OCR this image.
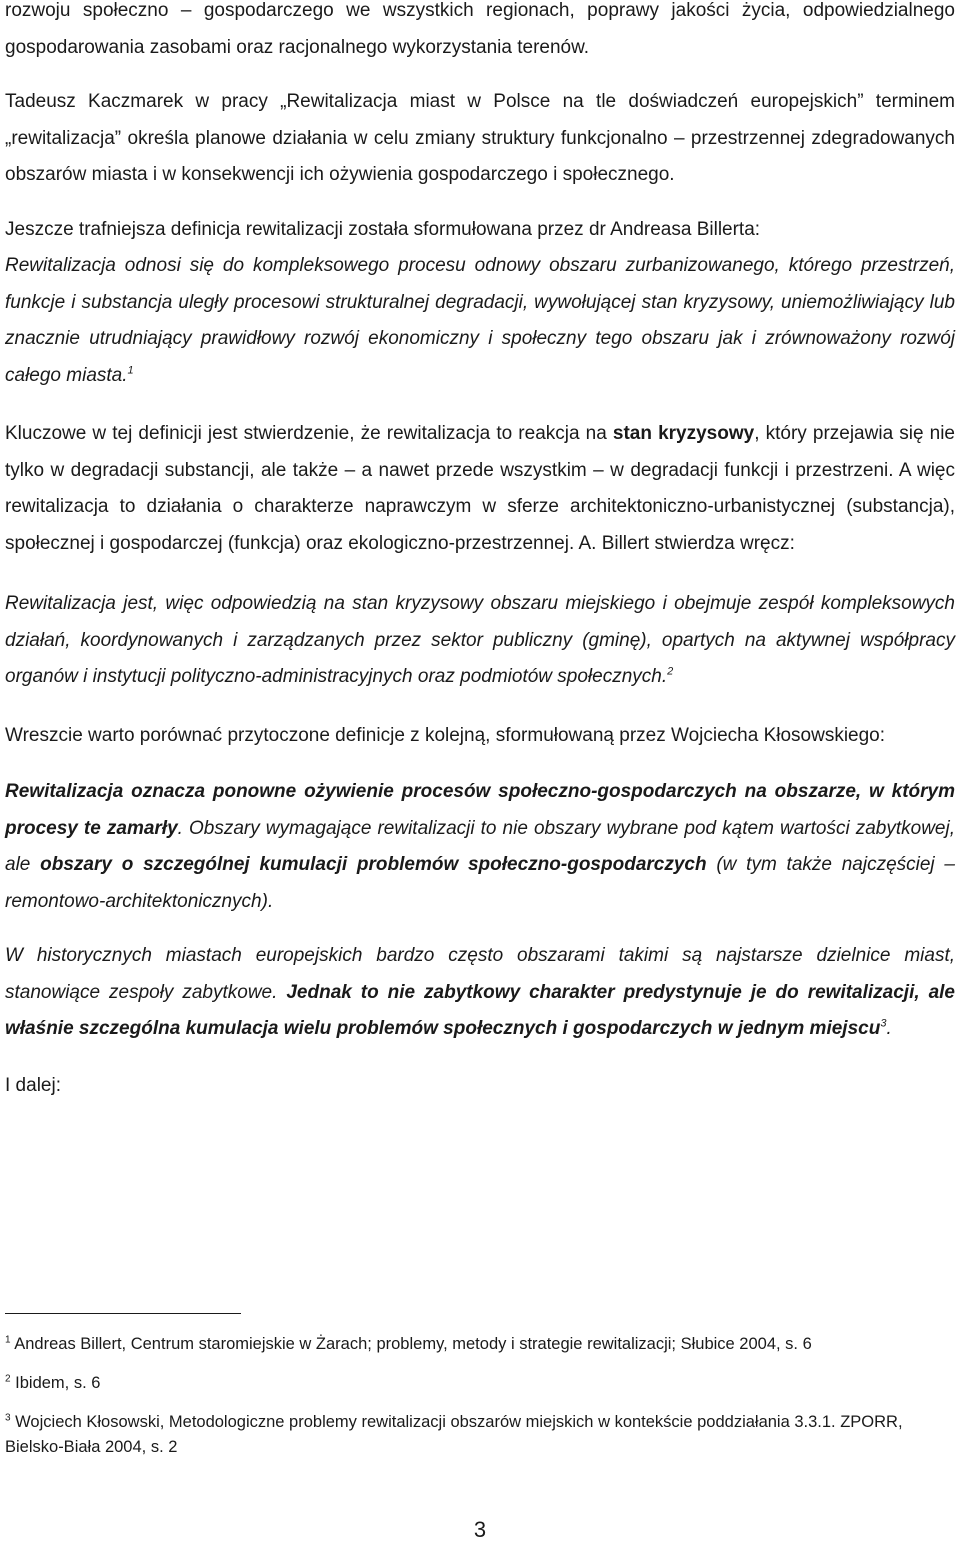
rozwoju społeczno – gospodarczego we wszystkich regionach, poprawy jakości życia, odpowiedzialnego gospodarowania zasobami oraz racjonalnego wykorzystania terenów.

Tadeusz Kaczmarek w pracy „Rewitalizacja miast w Polsce na tle doświadczeń europejskich” terminem „rewitalizacja” określa planowe działania w celu zmiany struktury funkcjonalno – przestrzennej zdegradowanych obszarów miasta i w konsekwencji ich ożywienia gospodarczego i społecznego.

Jeszcze trafniejsza definicja rewitalizacji została sformułowana przez dr Andreasa Billerta:

Rewitalizacja odnosi się do kompleksowego procesu odnowy obszaru zurbanizowanego, którego przestrzeń, funkcje i substancja uległy procesowi strukturalnej degradacji, wywołującej stan kryzysowy, uniemożliwiający lub znacznie utrudniający prawidłowy rozwój ekonomiczny i społeczny tego obszaru jak i zrównoważony rozwój całego miasta.$^1$

Kluczowe w tej definicji jest stwierdzenie, że rewitalizacja to reakcja na stan kryzysowy, który przejawia się nie tylko w degradacji substancji, ale także – a nawet przede wszystkim – w degradacji funkcji i przestrzeni. A więc rewitalizacja to działania o charakterze naprawczym w sferze architektoniczno-urbanistycznej (substancja), społecznej i gospodarczej (funkcja) oraz ekologiczno-przestrzennej. A. Billert stwierdza wręcz:

Rewitalizacja jest, więc odpowiedzią na stan kryzysowy obszaru miejskiego i obejmuje zespół kompleksowych działań, koordynowanych i zarządzanych przez sektor publiczny (gminę), opartych na aktywnej współpracy organów i instytucji polityczno-administracyjnych oraz podmiotów społecznych.$^2$

Wreszcie warto porównać przytoczone definicje z kolejną, sformułowaną przez Wojciecha Kłosowskiego:

Rewitalizacja oznacza ponowne ożywienie procesów społeczno-gospodarczych na obszarze, w którym procesy te zamarły. Obszary wymagające rewitalizacji to nie obszary wybrane pod kątem wartości zabytkowej, ale obszary o szczególnej kumulacji problemów społeczno-gospodarczych (w tym także najczęściej – remontowo-architektonicznych).

W historycznych miastach europejskich bardzo często obszarami takimi są najstarsze dzielnice miast, stanowiące zespoły zabytkowe. Jednak to nie zabytkowy charakter predystynuje je do rewitalizacji, ale właśnie szczególna kumulacja wielu problemów społecznych i gospodarczych w jednym miejscu$^3$.

I dalej:

$^1$ Andreas Billert, Centrum staromiejskie w Żarach; problemy, metody i strategie rewitalizacji; Słubice 2004, s. 6

$^2$ Ibidem, s. 6

$^3$ Wojciech Kłosowski, Metodologiczne problemy rewitalizacji obszarów miejskich w kontekście poddziałania 3.3.1. ZPORR, Bielsko-Biała 2004, s. 2

3
